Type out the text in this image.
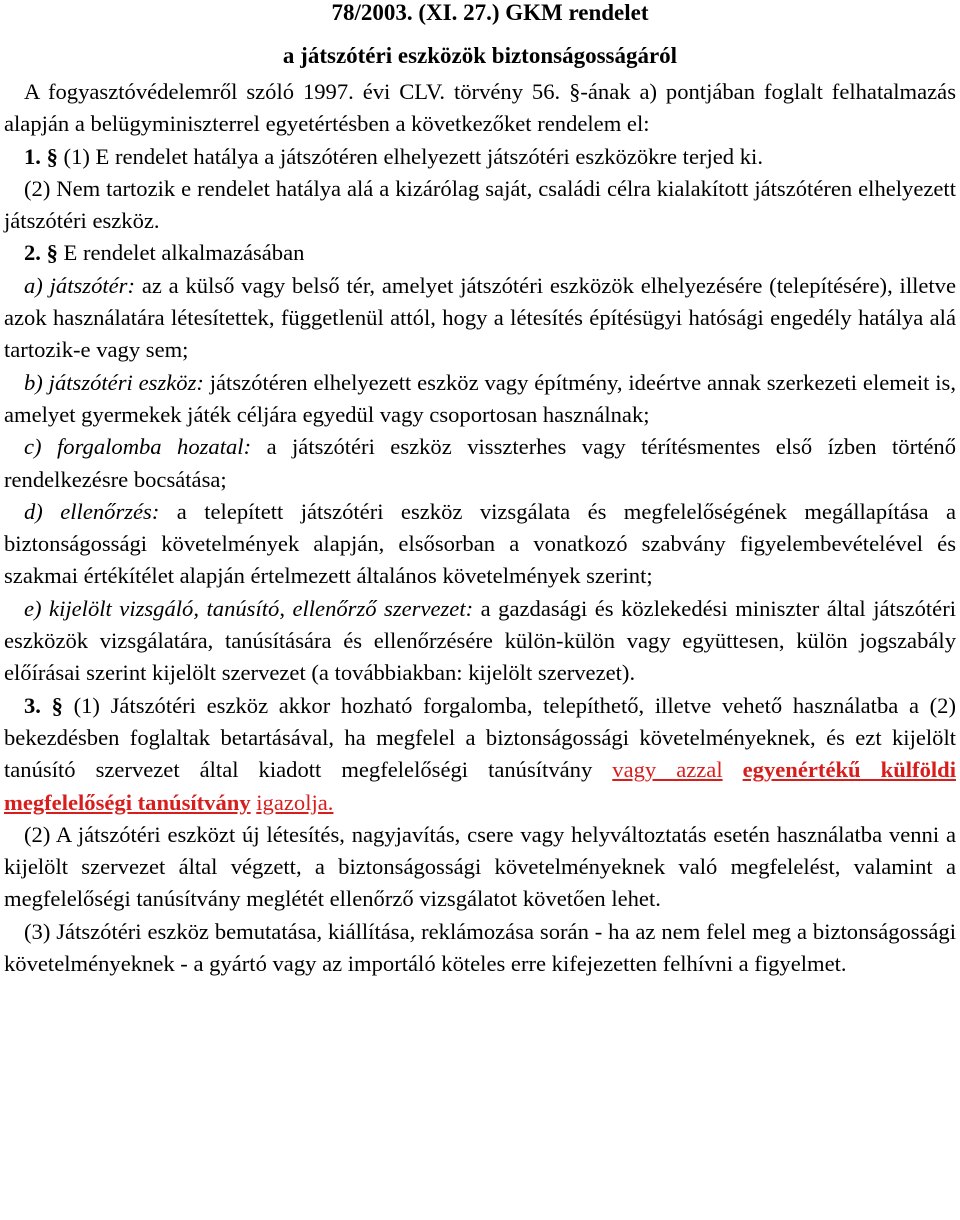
78/2003. (XI. 27.) GKM rendelet
a játszótéri eszközök biztonságosságáról

A fogyasztóvédelemről szóló 1997. évi CLV. törvény 56. §-ának a) pontjában foglalt felhatalmazás alapján a belügyminiszterrel egyetértésben a következőket rendelem el:

1. § (1) E rendelet hatálya a játszótéren elhelyezett játszótéri eszközökre terjed ki.

(2) Nem tartozik e rendelet hatálya alá a kizárólag saját, családi célra kialakított játszótéren elhelyezett játszótéri eszköz.

2. § E rendelet alkalmazásában

a) játszótér: az a külső vagy belső tér, amelyet játszótéri eszközök elhelyezésére (telepítésére), illetve azok használatára létesítettek, függetlenül attól, hogy a létesítés építésügyi hatósági engedély hatálya alá tartozik-e vagy sem;

b) játszótéri eszköz: játszótéren elhelyezett eszköz vagy építmény, ideértve annak szerkezeti elemeit is, amelyet gyermekek játék céljára egyedül vagy csoportosan használnak;

c) forgalomba hozatal: a játszótéri eszköz visszterhes vagy térítésmentes első ízben történő rendelkezésre bocsátása;

d) ellenőrzés: a telepített játszótéri eszköz vizsgálata és megfelelőségének megállapítása a biztonságossági követelmények alapján, elsősorban a vonatkozó szabvány figyelembevételével és szakmai értékítélet alapján értelmezett általános követelmények szerint;

e) kijelölt vizsgáló, tanúsító, ellenőrző szervezet: a gazdasági és közlekedési miniszter által játszótéri eszközök vizsgálatára, tanúsítására és ellenőrzésére külön-külön vagy együttesen, külön jogszabály előírásai szerint kijelölt szervezet (a továbbiakban: kijelölt szervezet).

3. § (1) Játszótéri eszköz akkor hozható forgalomba, telepíthető, illetve vehető használatba a (2) bekezdésben foglaltak betartásával, ha megfelel a biztonságossági követelményeknek, és ezt kijelölt tanúsító szervezet által kiadott megfelelőségi tanúsítvány vagy azzal egyenértékű külföldi megfelelőségi tanúsítvány igazolja.

(2) A játszótéri eszközt új létesítés, nagyjavítás, csere vagy helyváltoztatás esetén használatba venni a kijelölt szervezet által végzett, a biztonságossági követelményeknek való megfelelést, valamint a megfelelőségi tanúsítvány meglétét ellenőrző vizsgálatot követően lehet.

(3) Játszótéri eszköz bemutatása, kiállítása, reklámozása során - ha az nem felel meg a biztonságossági követelményeknek - a gyártó vagy az importáló köteles erre kifejezetten felhívni a figyelmet.
